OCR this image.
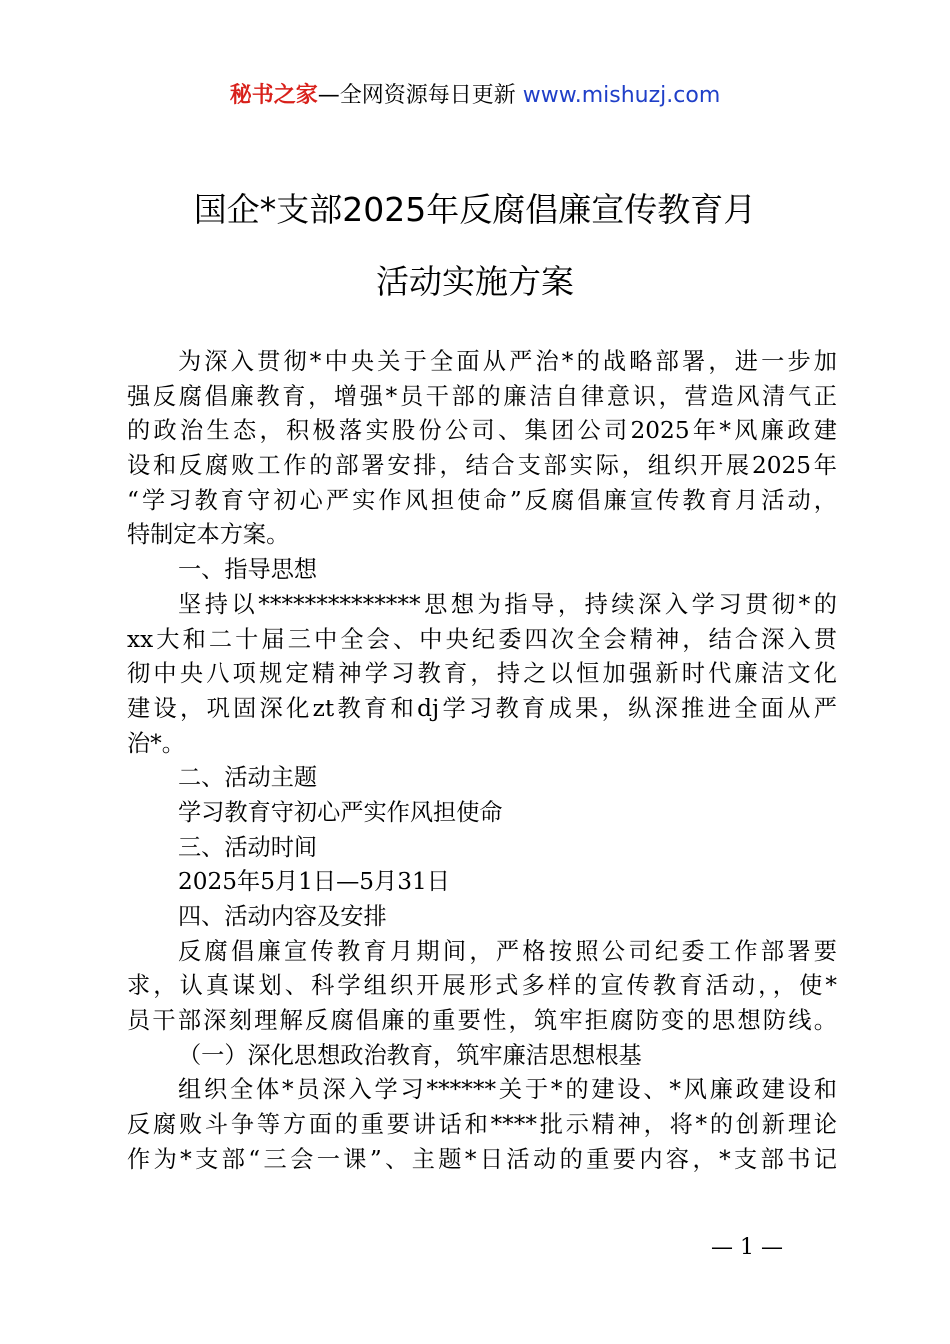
秘书之家—全网资源每日更新 www.mishuzj.com
国企*支部2025年反腐倡廉宣传教育月
活动实施方案
为深入贯彻*中央关于全面从严治*的战略部署，进一步加
强反腐倡廉教育，增强*员干部的廉洁自律意识，营造风清气正
的政治生态，积极落实股份公司、集团公司2025年*风廉政建
设和反腐败工作的部署安排，结合支部实际，组织开展2025年
“学习教育守初心严实作风担使命”反腐倡廉宣传教育月活动，
特制定本方案。
一、指导思想
坚持以**************思想为指导，持续深入学习贯彻*的
xx大和二十届三中全会、中央纪委四次全会精神，结合深入贯
彻中央八项规定精神学习教育，持之以恒加强新时代廉洁文化
建设，巩固深化zt教育和dj学习教育成果，纵深推进全面从严
治*。
二、活动主题
学习教育守初心严实作风担使命
三、活动时间
2025年5月1日—5月31日
四、活动内容及安排
反腐倡廉宣传教育月期间，严格按照公司纪委工作部署要
求，认真谋划、科学组织开展形式多样的宣传教育活动，，使*
员干部深刻理解反腐倡廉的重要性，筑牢拒腐防变的思想防线。
（一）深化思想政治教育，筑牢廉洁思想根基
组织全体*员深入学习******关于*的建设、*风廉政建设和
反腐败斗争等方面的重要讲话和****批示精神，将*的创新理论
作为*支部“三会一课”、主题*日活动的重要内容，*支部书记
— 1 —
